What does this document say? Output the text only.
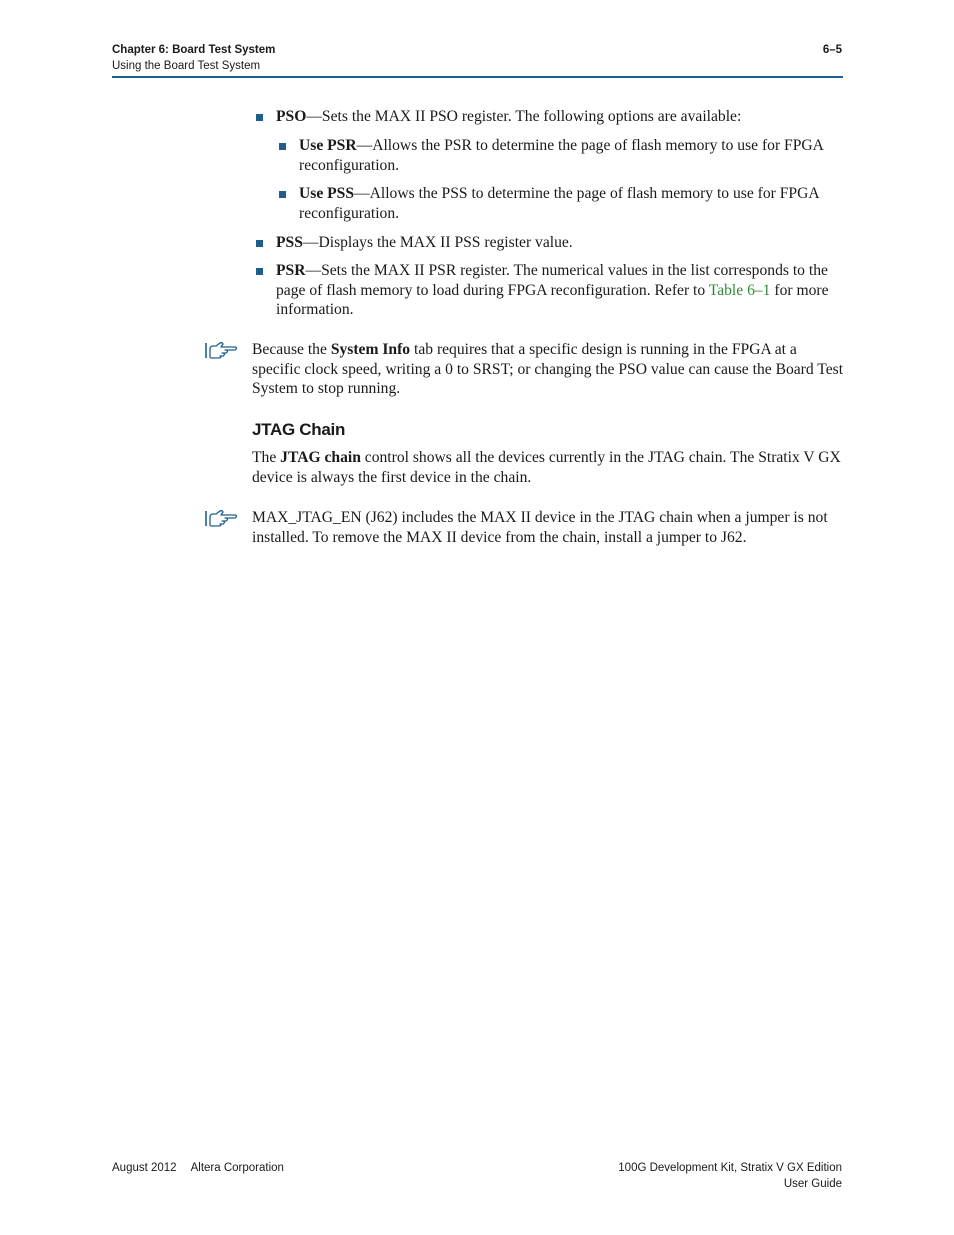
Chapter 6: Board Test System
Using the Board Test System
6–5
PSO—Sets the MAX II PSO register. The following options are available:
Use PSR—Allows the PSR to determine the page of flash memory to use for FPGA reconfiguration.
Use PSS—Allows the PSS to determine the page of flash memory to use for FPGA reconfiguration.
PSS—Displays the MAX II PSS register value.
PSR—Sets the MAX II PSR register. The numerical values in the list corresponds to the page of flash memory to load during FPGA reconfiguration. Refer to Table 6–1 for more information.
Because the System Info tab requires that a specific design is running in the FPGA at a specific clock speed, writing a 0 to SRST; or changing the PSO value can cause the Board Test System to stop running.
JTAG Chain
The JTAG chain control shows all the devices currently in the JTAG chain. The Stratix V GX device is always the first device in the chain.
MAX_JTAG_EN (J62) includes the MAX II device in the JTAG chain when a jumper is not installed. To remove the MAX II device from the chain, install a jumper to J62.
August 2012 Altera Corporation	100G Development Kit, Stratix V GX Edition
User Guide
